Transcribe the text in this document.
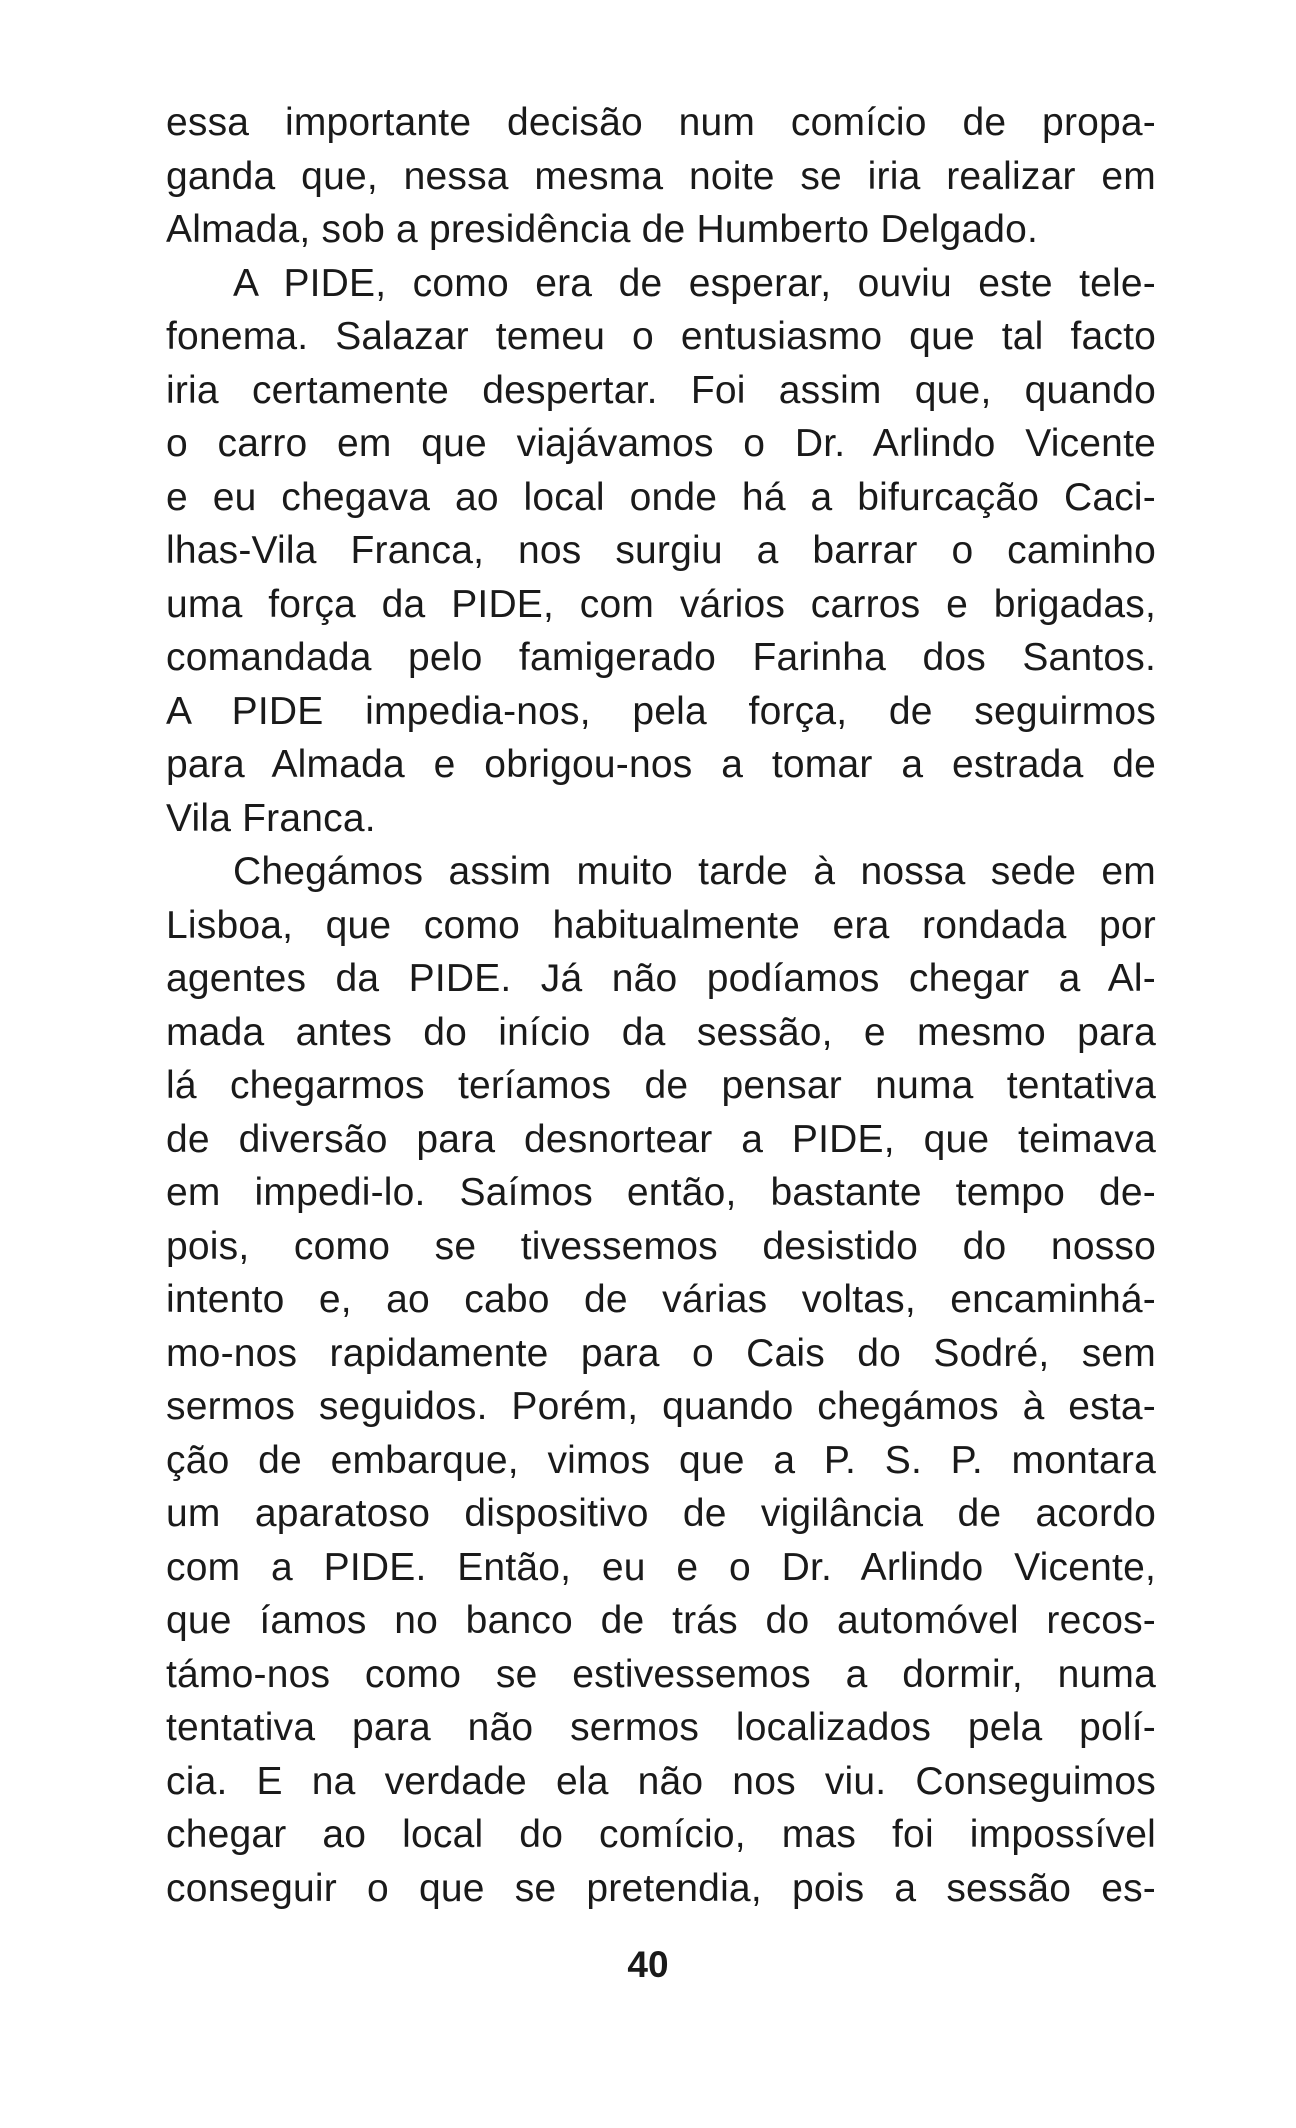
essa importante decisão num comício de propa-
ganda que, nessa mesma noite se iria realizar em
Almada, sob a presidência de Humberto Delgado.
A PIDE, como era de esperar, ouviu este tele-
fonema. Salazar temeu o entusiasmo que tal facto
iria certamente despertar. Foi assim que, quando
o carro em que viajávamos o Dr. Arlindo Vicente
e eu chegava ao local onde há a bifurcação Caci-
lhas-Vila Franca, nos surgiu a barrar o caminho
uma força da PIDE, com vários carros e brigadas,
comandada pelo famigerado Farinha dos Santos.
A PIDE impedia-nos, pela força, de seguirmos
para Almada e obrigou-nos a tomar a estrada de
Vila Franca.
Chegámos assim muito tarde à nossa sede em
Lisboa, que como habitualmente era rondada por
agentes da PIDE. Já não podíamos chegar a Al-
mada antes do início da sessão, e mesmo para
lá chegarmos teríamos de pensar numa tentativa
de diversão para desnortear a PIDE, que teimava
em impedi-lo. Saímos então, bastante tempo de-
pois, como se tivessemos desistido do nosso
intento e, ao cabo de várias voltas, encaminhá-
mo-nos rapidamente para o Cais do Sodré, sem
sermos seguidos. Porém, quando chegámos à esta-
ção de embarque, vimos que a P. S. P. montara
um aparatoso dispositivo de vigilância de acordo
com a PIDE. Então, eu e o Dr. Arlindo Vicente,
que íamos no banco de trás do automóvel recos-
támo-nos como se estivessemos a dormir, numa
tentativa para não sermos localizados pela polí-
cia. E na verdade ela não nos viu. Conseguimos
chegar ao local do comício, mas foi impossível
conseguir o que se pretendia, pois a sessão es-
40
